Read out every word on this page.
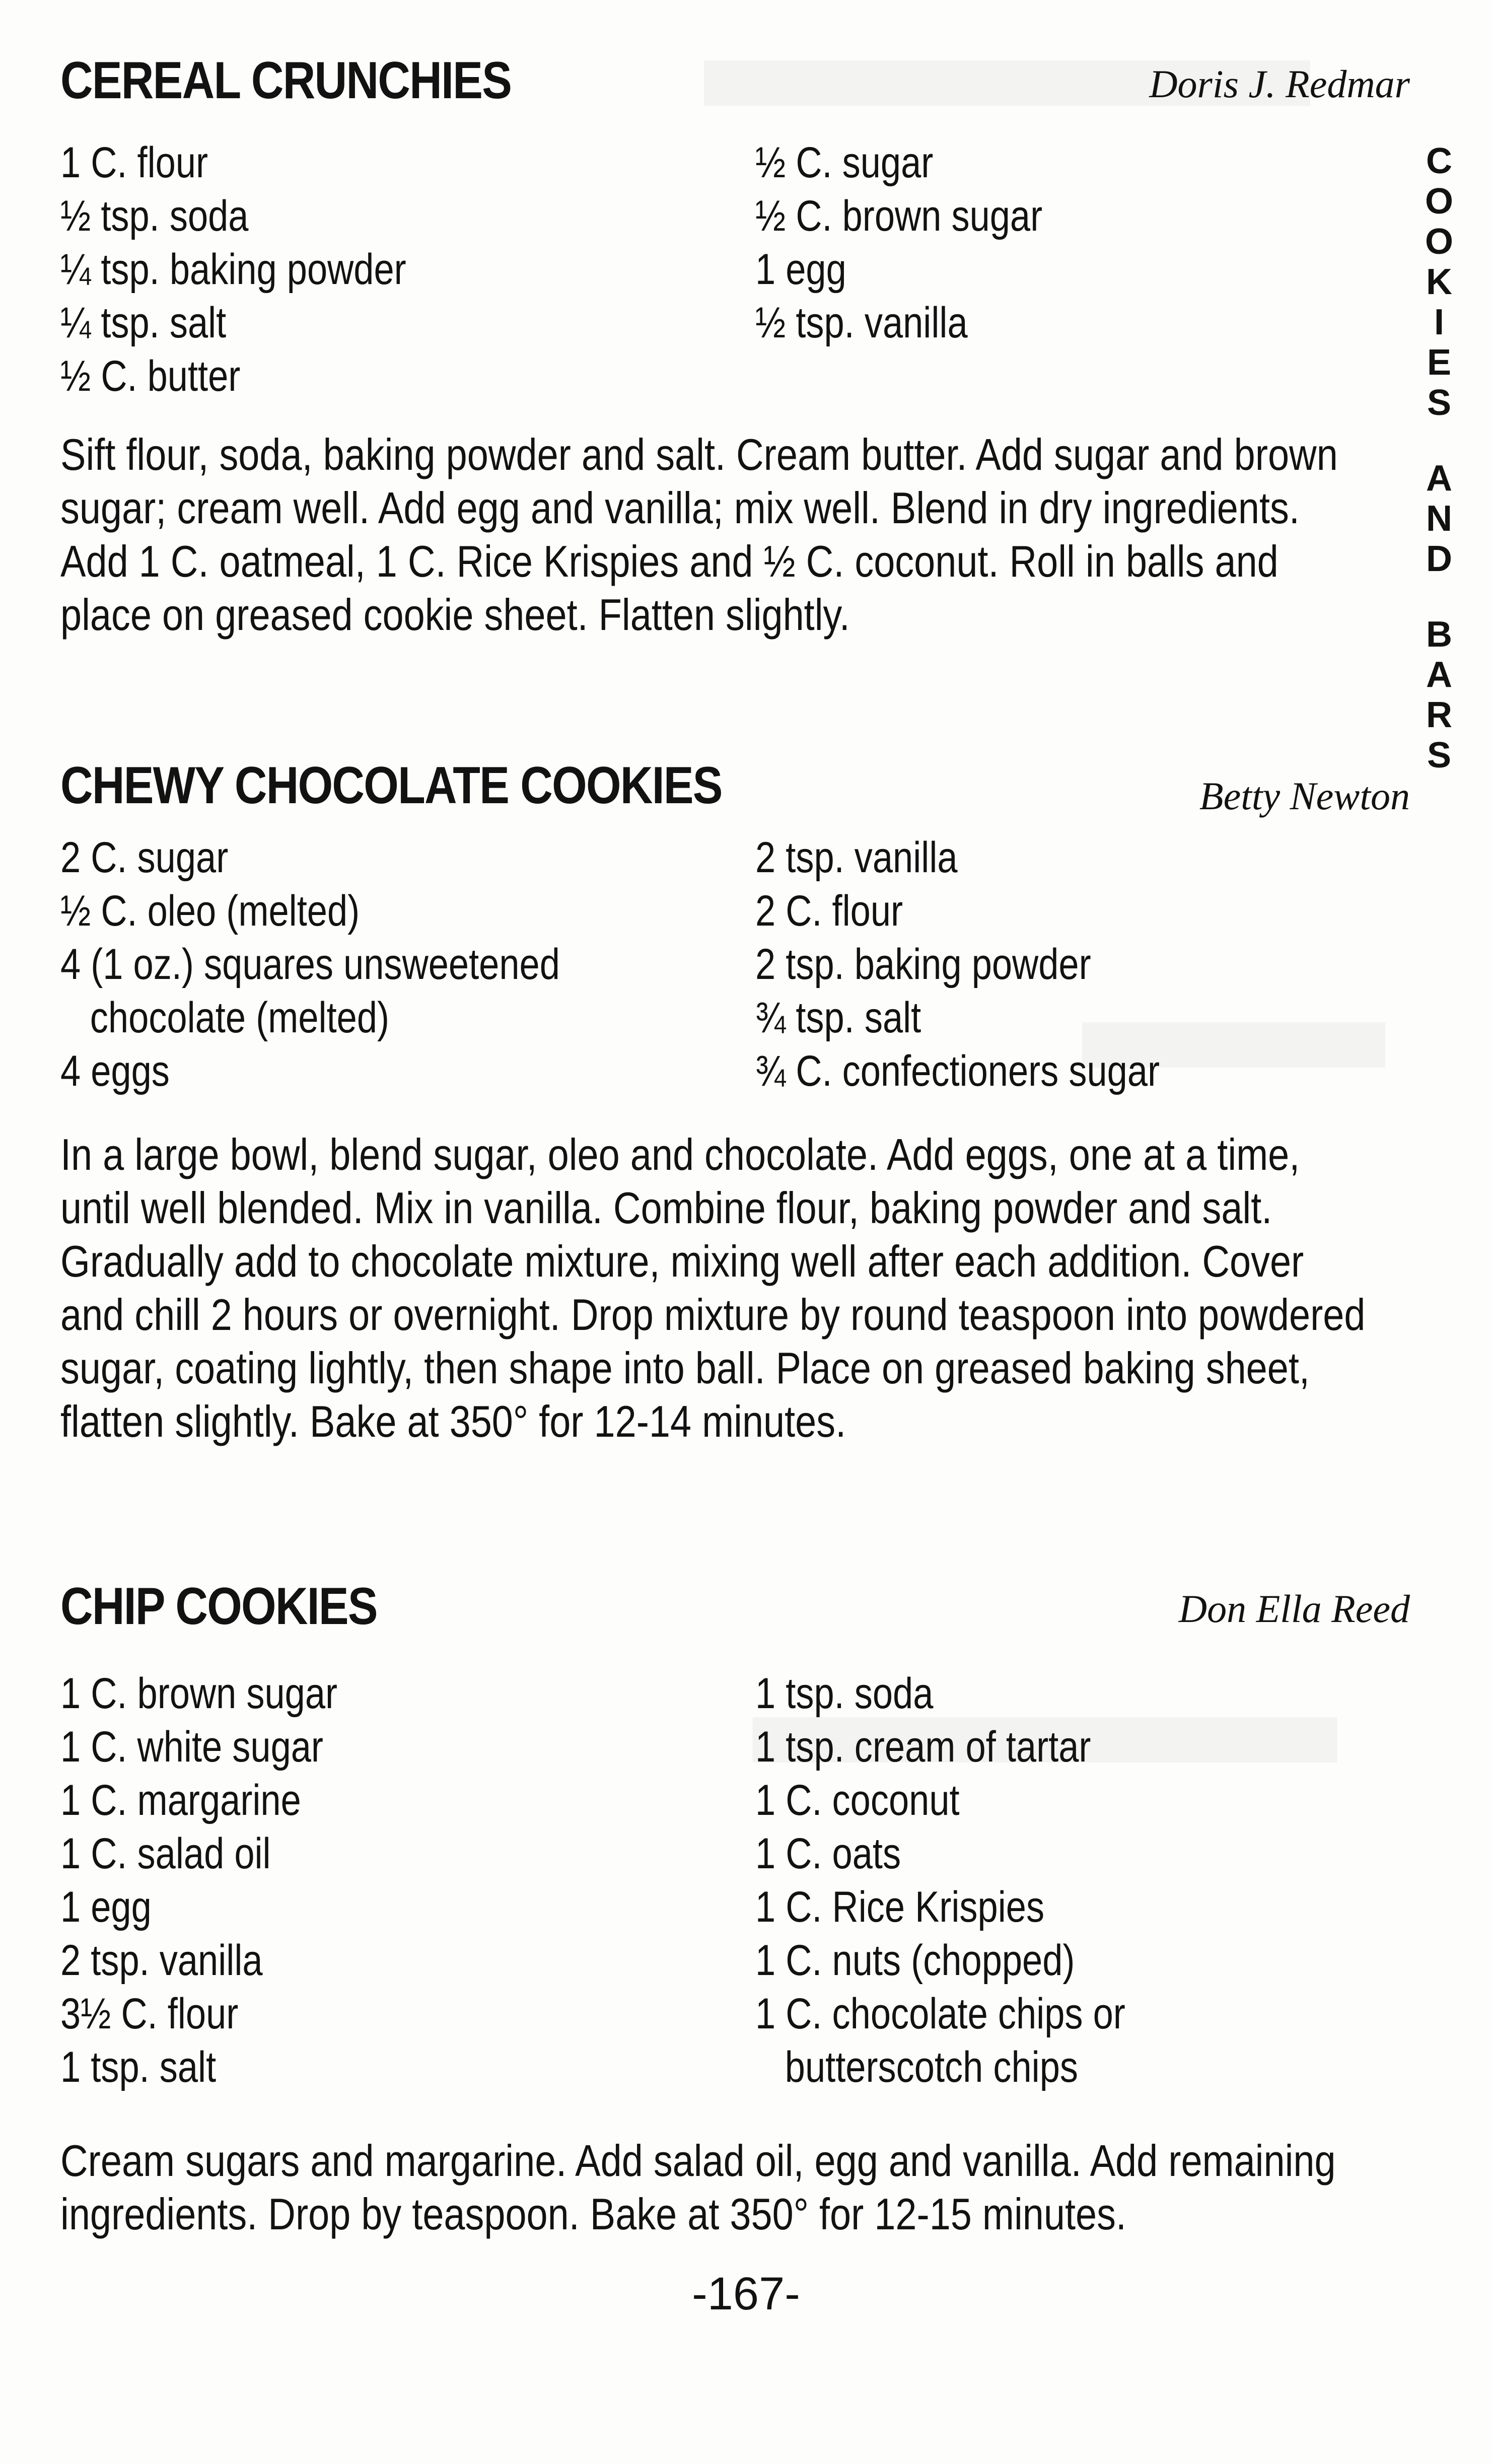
CEREAL CRUNCHIES	Doris J. Redmar
1 C. flour
½ tsp. soda
¼ tsp. baking powder
¼ tsp. salt
½ C. butter
½ C. sugar
½ C. brown sugar
1 egg
½ tsp. vanilla
Sift flour, soda, baking powder and salt. Cream butter. Add sugar and brown
sugar; cream well. Add egg and vanilla; mix well. Blend in dry ingredients.
Add 1 C. oatmeal, 1 C. Rice Krispies and ½ C. coconut. Roll in balls and
place on greased cookie sheet. Flatten slightly.
CHEWY CHOCOLATE COOKIES	Betty Newton
2 C. sugar
½ C. oleo (melted)
4 (1 oz.) squares unsweetened
chocolate (melted)
4 eggs
2 tsp. vanilla
2 C. flour
2 tsp. baking powder
¾ tsp. salt
¾ C. confectioners sugar
In a large bowl, blend sugar, oleo and chocolate. Add eggs, one at a time,
until well blended. Mix in vanilla. Combine flour, baking powder and salt.
Gradually add to chocolate mixture, mixing well after each addition. Cover
and chill 2 hours or overnight. Drop mixture by round teaspoon into powdered
sugar, coating lightly, then shape into ball. Place on greased baking sheet,
flatten slightly. Bake at 350° for 12-14 minutes.
CHIP COOKIES	Don Ella Reed
1 C. brown sugar
1 C. white sugar
1 C. margarine
1 C. salad oil
1 egg
2 tsp. vanilla
3½ C. flour
1 tsp. salt
1 tsp. soda
1 tsp. cream of tartar
1 C. coconut
1 C. oats
1 C. Rice Krispies
1 C. nuts (chopped)
1 C. chocolate chips or
butterscotch chips
Cream sugars and margarine. Add salad oil, egg and vanilla. Add remaining
ingredients. Drop by teaspoon. Bake at 350° for 12-15 minutes.
C
O
O
K
I
E
S
A
N
D
B
A
R
S
-167-
